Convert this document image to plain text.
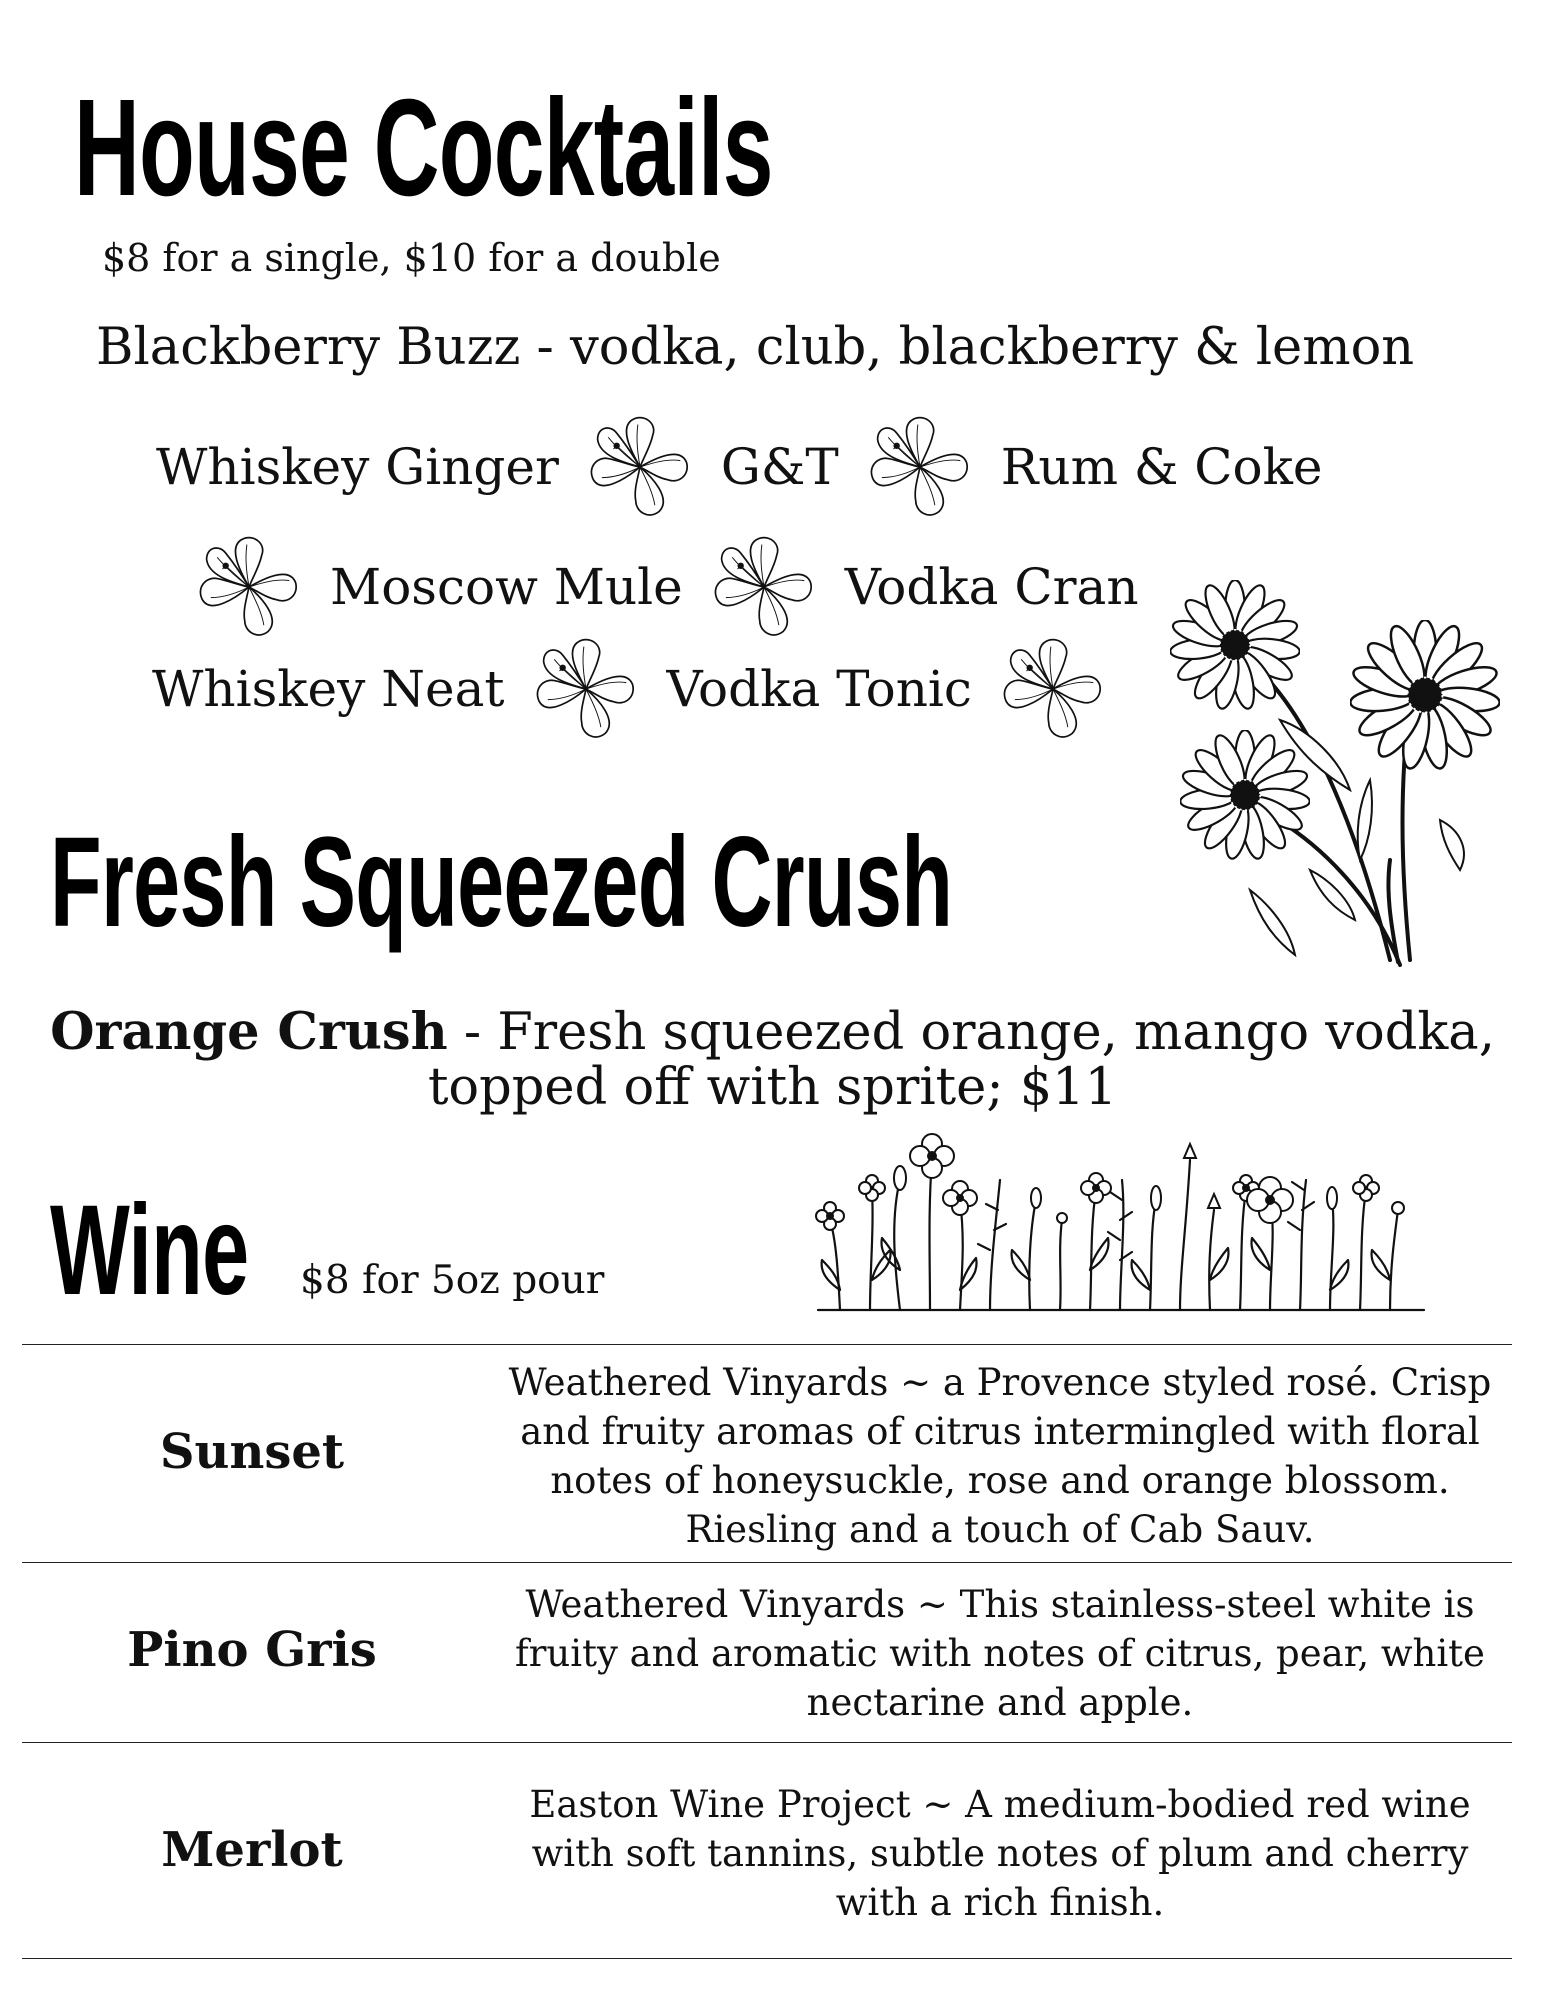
House Cocktails
$8 for a single, $10 for a double
Blackberry Buzz - vodka, club, blackberry & lemon
Whiskey Ginger	G&T	Rum & Coke
Moscow Mule	Vodka Cran
Whiskey Neat	Vodka Tonic
Fresh Squeezed Crush
Orange Crush - Fresh squeezed orange, mango vodka,
topped off with sprite; $11
Wine $8 for 5oz pour
Sunset
Weathered Vinyards ~ a Provence styled rosé. Crisp
and fruity aromas of citrus intermingled with floral
notes of honeysuckle, rose and orange blossom.
Riesling and a touch of Cab Sauv.
Pino Gris
Weathered Vinyards ~ This stainless-steel white is
fruity and aromatic with notes of citrus, pear, white
nectarine and apple.
Merlot
Easton Wine Project ~ A medium-bodied red wine
with soft tannins, subtle notes of plum and cherry
with a rich finish.
